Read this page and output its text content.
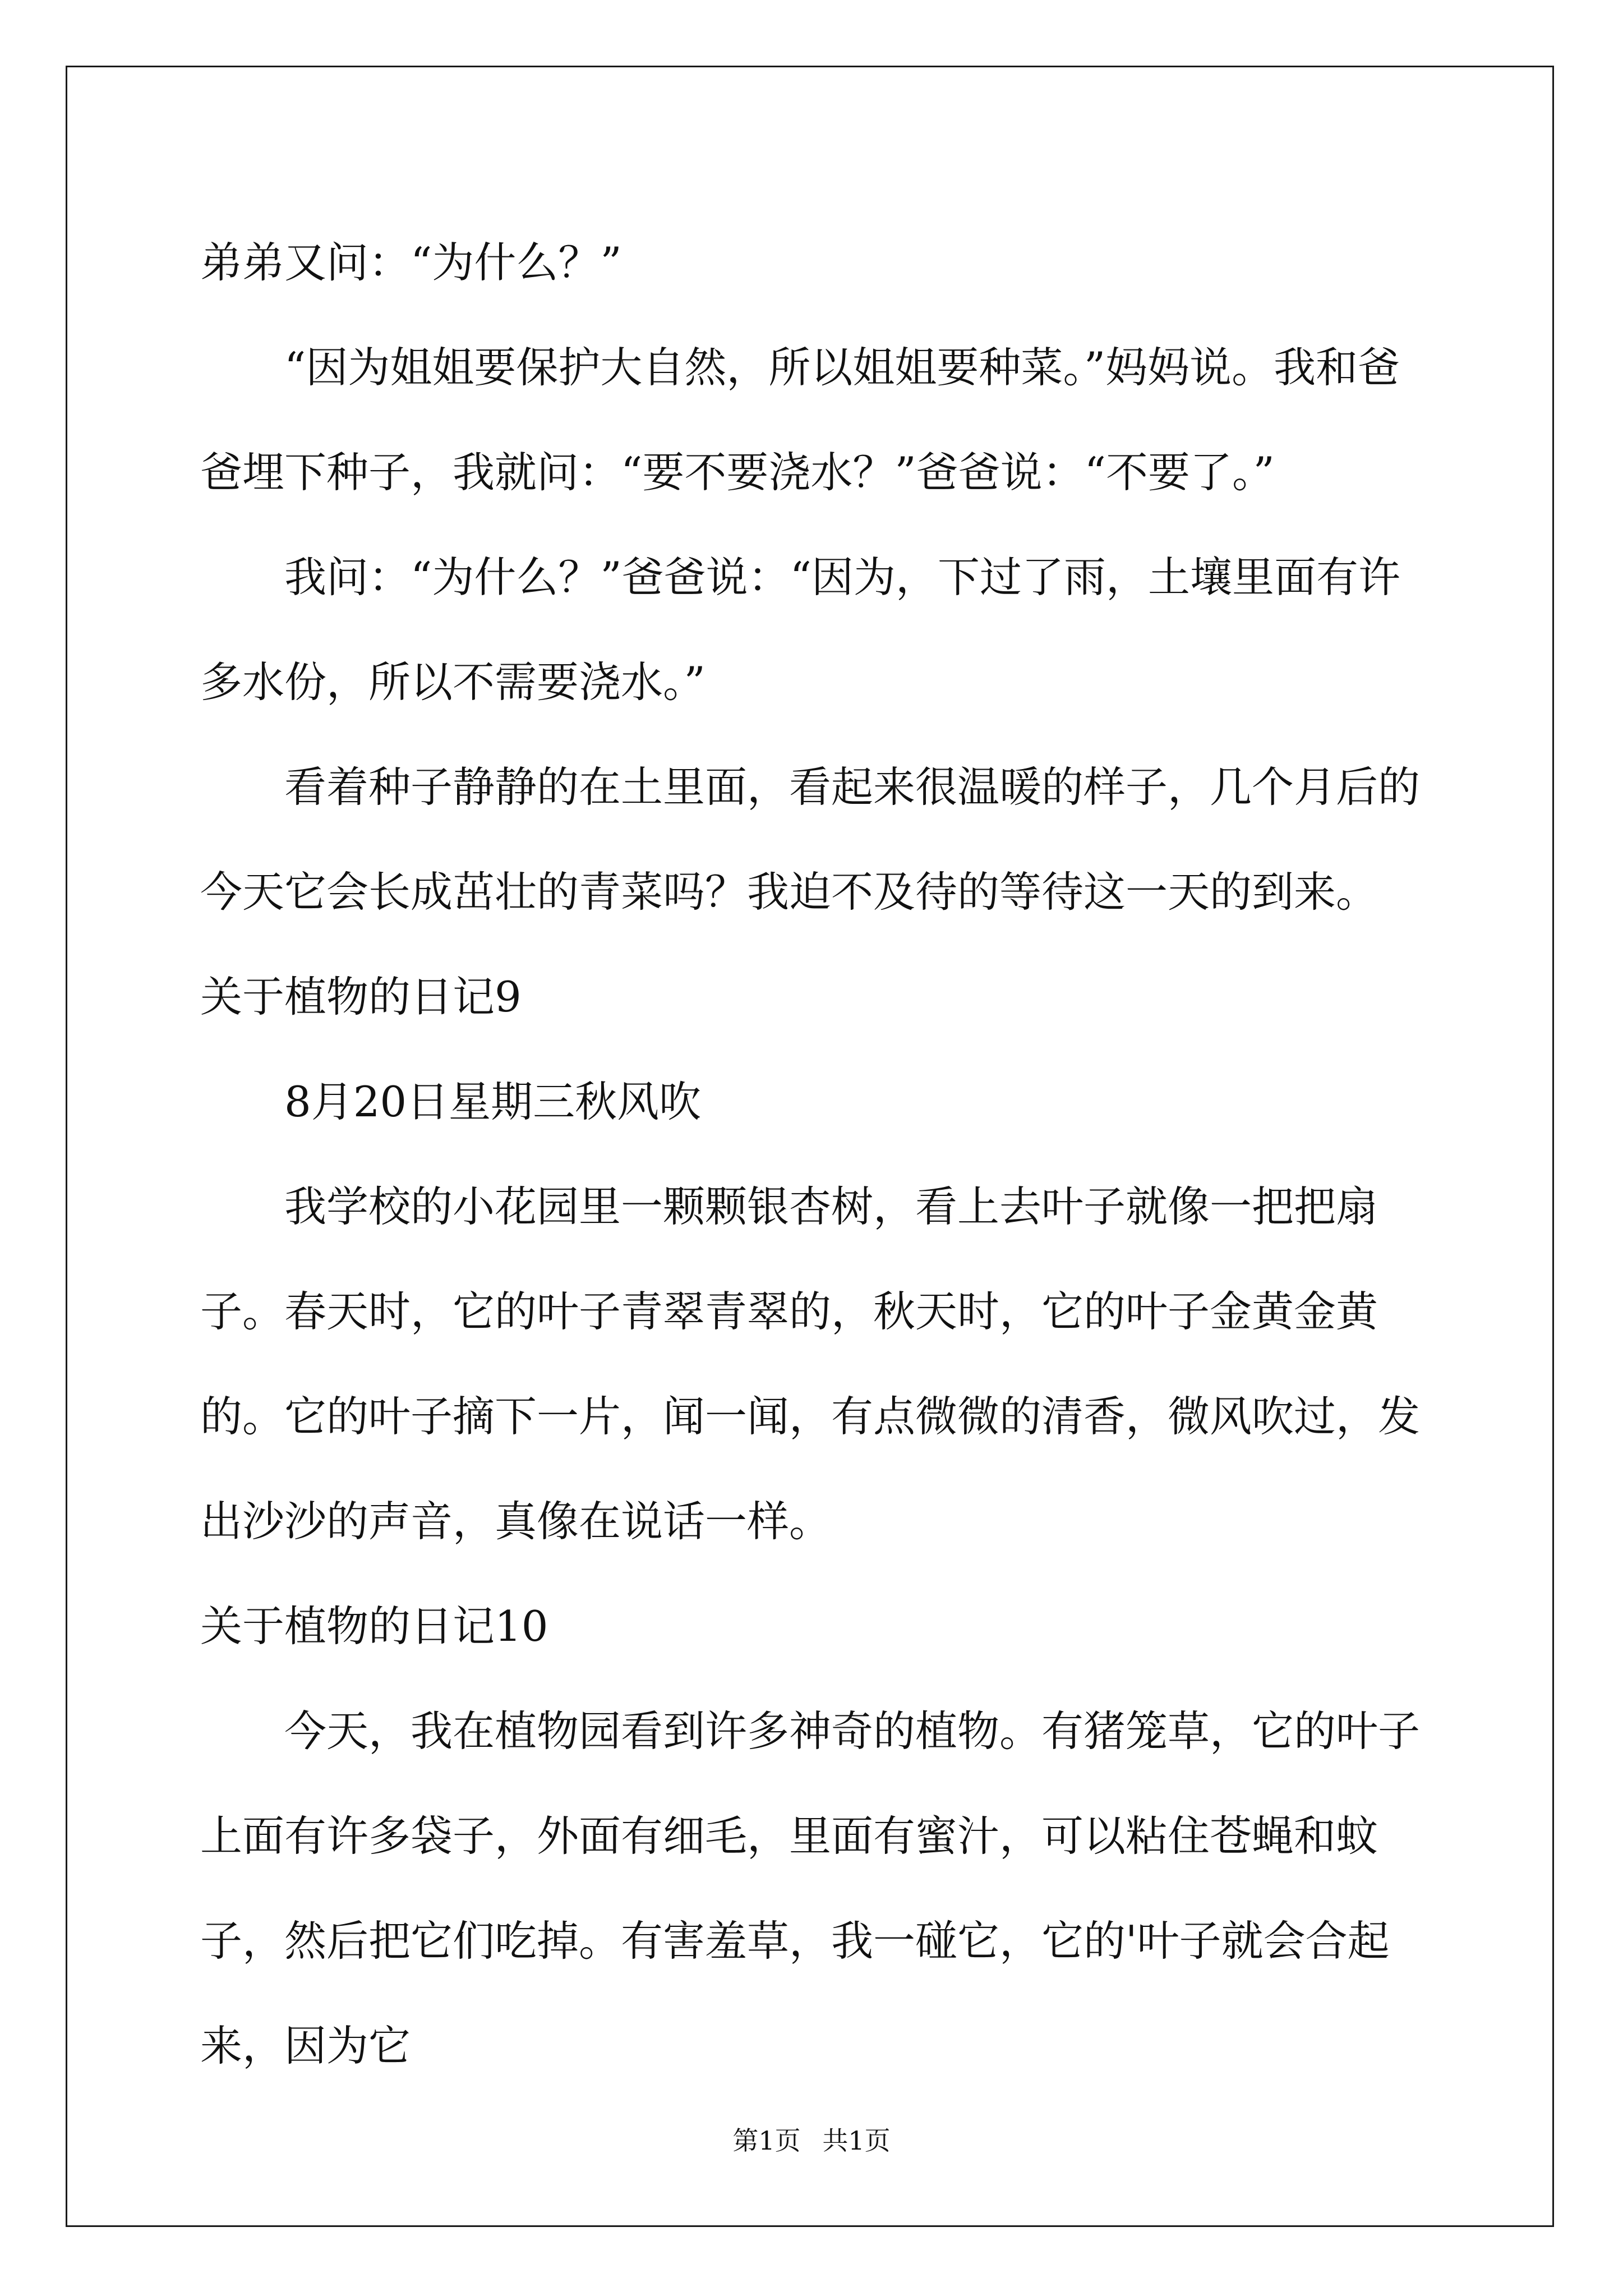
弟弟又问：“为什么？”

“因为姐姐要保护大自然，所以姐姐要种菜。”妈妈说。我和爸爸埋下种子，我就问：“要不要浇水？”爸爸说：“不要了。”

我问：“为什么？”爸爸说：“因为，下过了雨，土壤里面有许多水份，所以不需要浇水。”

看着种子静静的在土里面，看起来很温暖的样子，几个月后的今天它会长成茁壮的青菜吗？我迫不及待的等待这一天的到来。

关于植物的日记9

8月20日星期三秋风吹

我学校的小花园里一颗颗银杏树，看上去叶子就像一把把扇子。春天时，它的叶子青翠青翠的，秋天时，它的叶子金黄金黄的。它的叶子摘下一片，闻一闻，有点微微的清香，微风吹过，发出沙沙的声音，真像在说话一样。

关于植物的日记10

今天，我在植物园看到许多神奇的植物。有猪笼草，它的叶子上面有许多袋子，外面有细毛，里面有蜜汁，可以粘住苍蝇和蚊子，然后把它们吃掉。有害羞草，我一碰它，它的'叶子就会合起来，因为它

第1页 共1页
